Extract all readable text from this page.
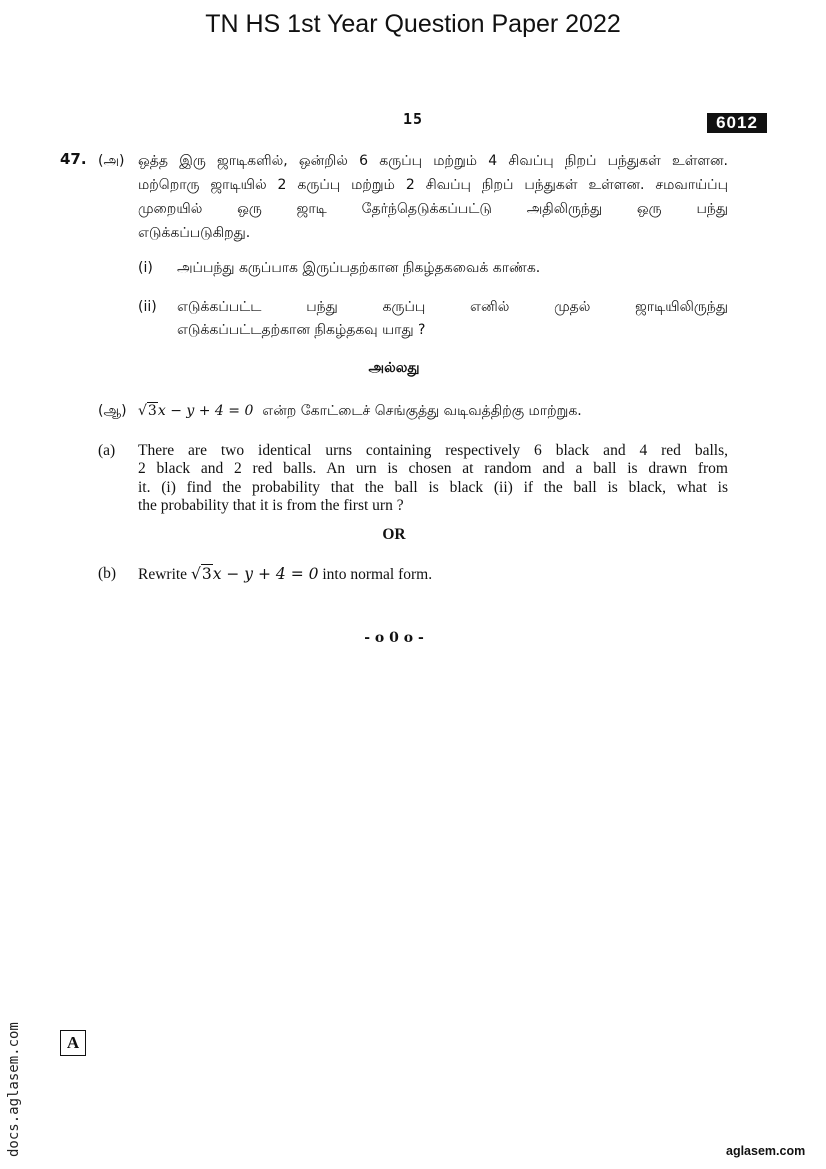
TN HS 1st Year Question Paper 2022
15	6012
47. (அ) ஒத்த இரு ஜாடிகளில், ஒன்றில் 6 கருப்பு மற்றும் 4 சிவப்பு நிறப் பந்துகள் உள்ளன.
மற்றொரு ஜாடியில் 2 கருப்பு மற்றும் 2 சிவப்பு நிறப் பந்துகள் உள்ளன. சமவாய்ப்பு
முறையில் ஒரு ஜாடி தேர்ந்தெடுக்கப்பட்டு அதிலிருந்து ஒரு பந்து
எடுக்கப்படுகிறது.
(i) அப்பந்து கருப்பாக இருப்பதற்கான நிகழ்தகவைக் காண்க.
(ii) எடுக்கப்பட்ட பந்து கருப்பு எனில் முதல் ஜாடியிலிருந்து
எடுக்கப்பட்டதற்கான நிகழ்தகவு யாது ?
அல்லது
(ஆ) √3x − y + 4 = 0 என்ற கோட்டைச் செங்குத்து வடிவத்திற்கு மாற்றுக.
(a) There are two identical urns containing respectively 6 black and 4 red balls,
2 black and 2 red balls. An urn is chosen at random and a ball is drawn from
it. (i) find the probability that the ball is black (ii) if the ball is black, what is
the probability that it is from the first urn ?
OR
(b) Rewrite √3x − y + 4 = 0 into normal form.
- o 0 o -
A
docs.aglasem.com	aglasem.com
